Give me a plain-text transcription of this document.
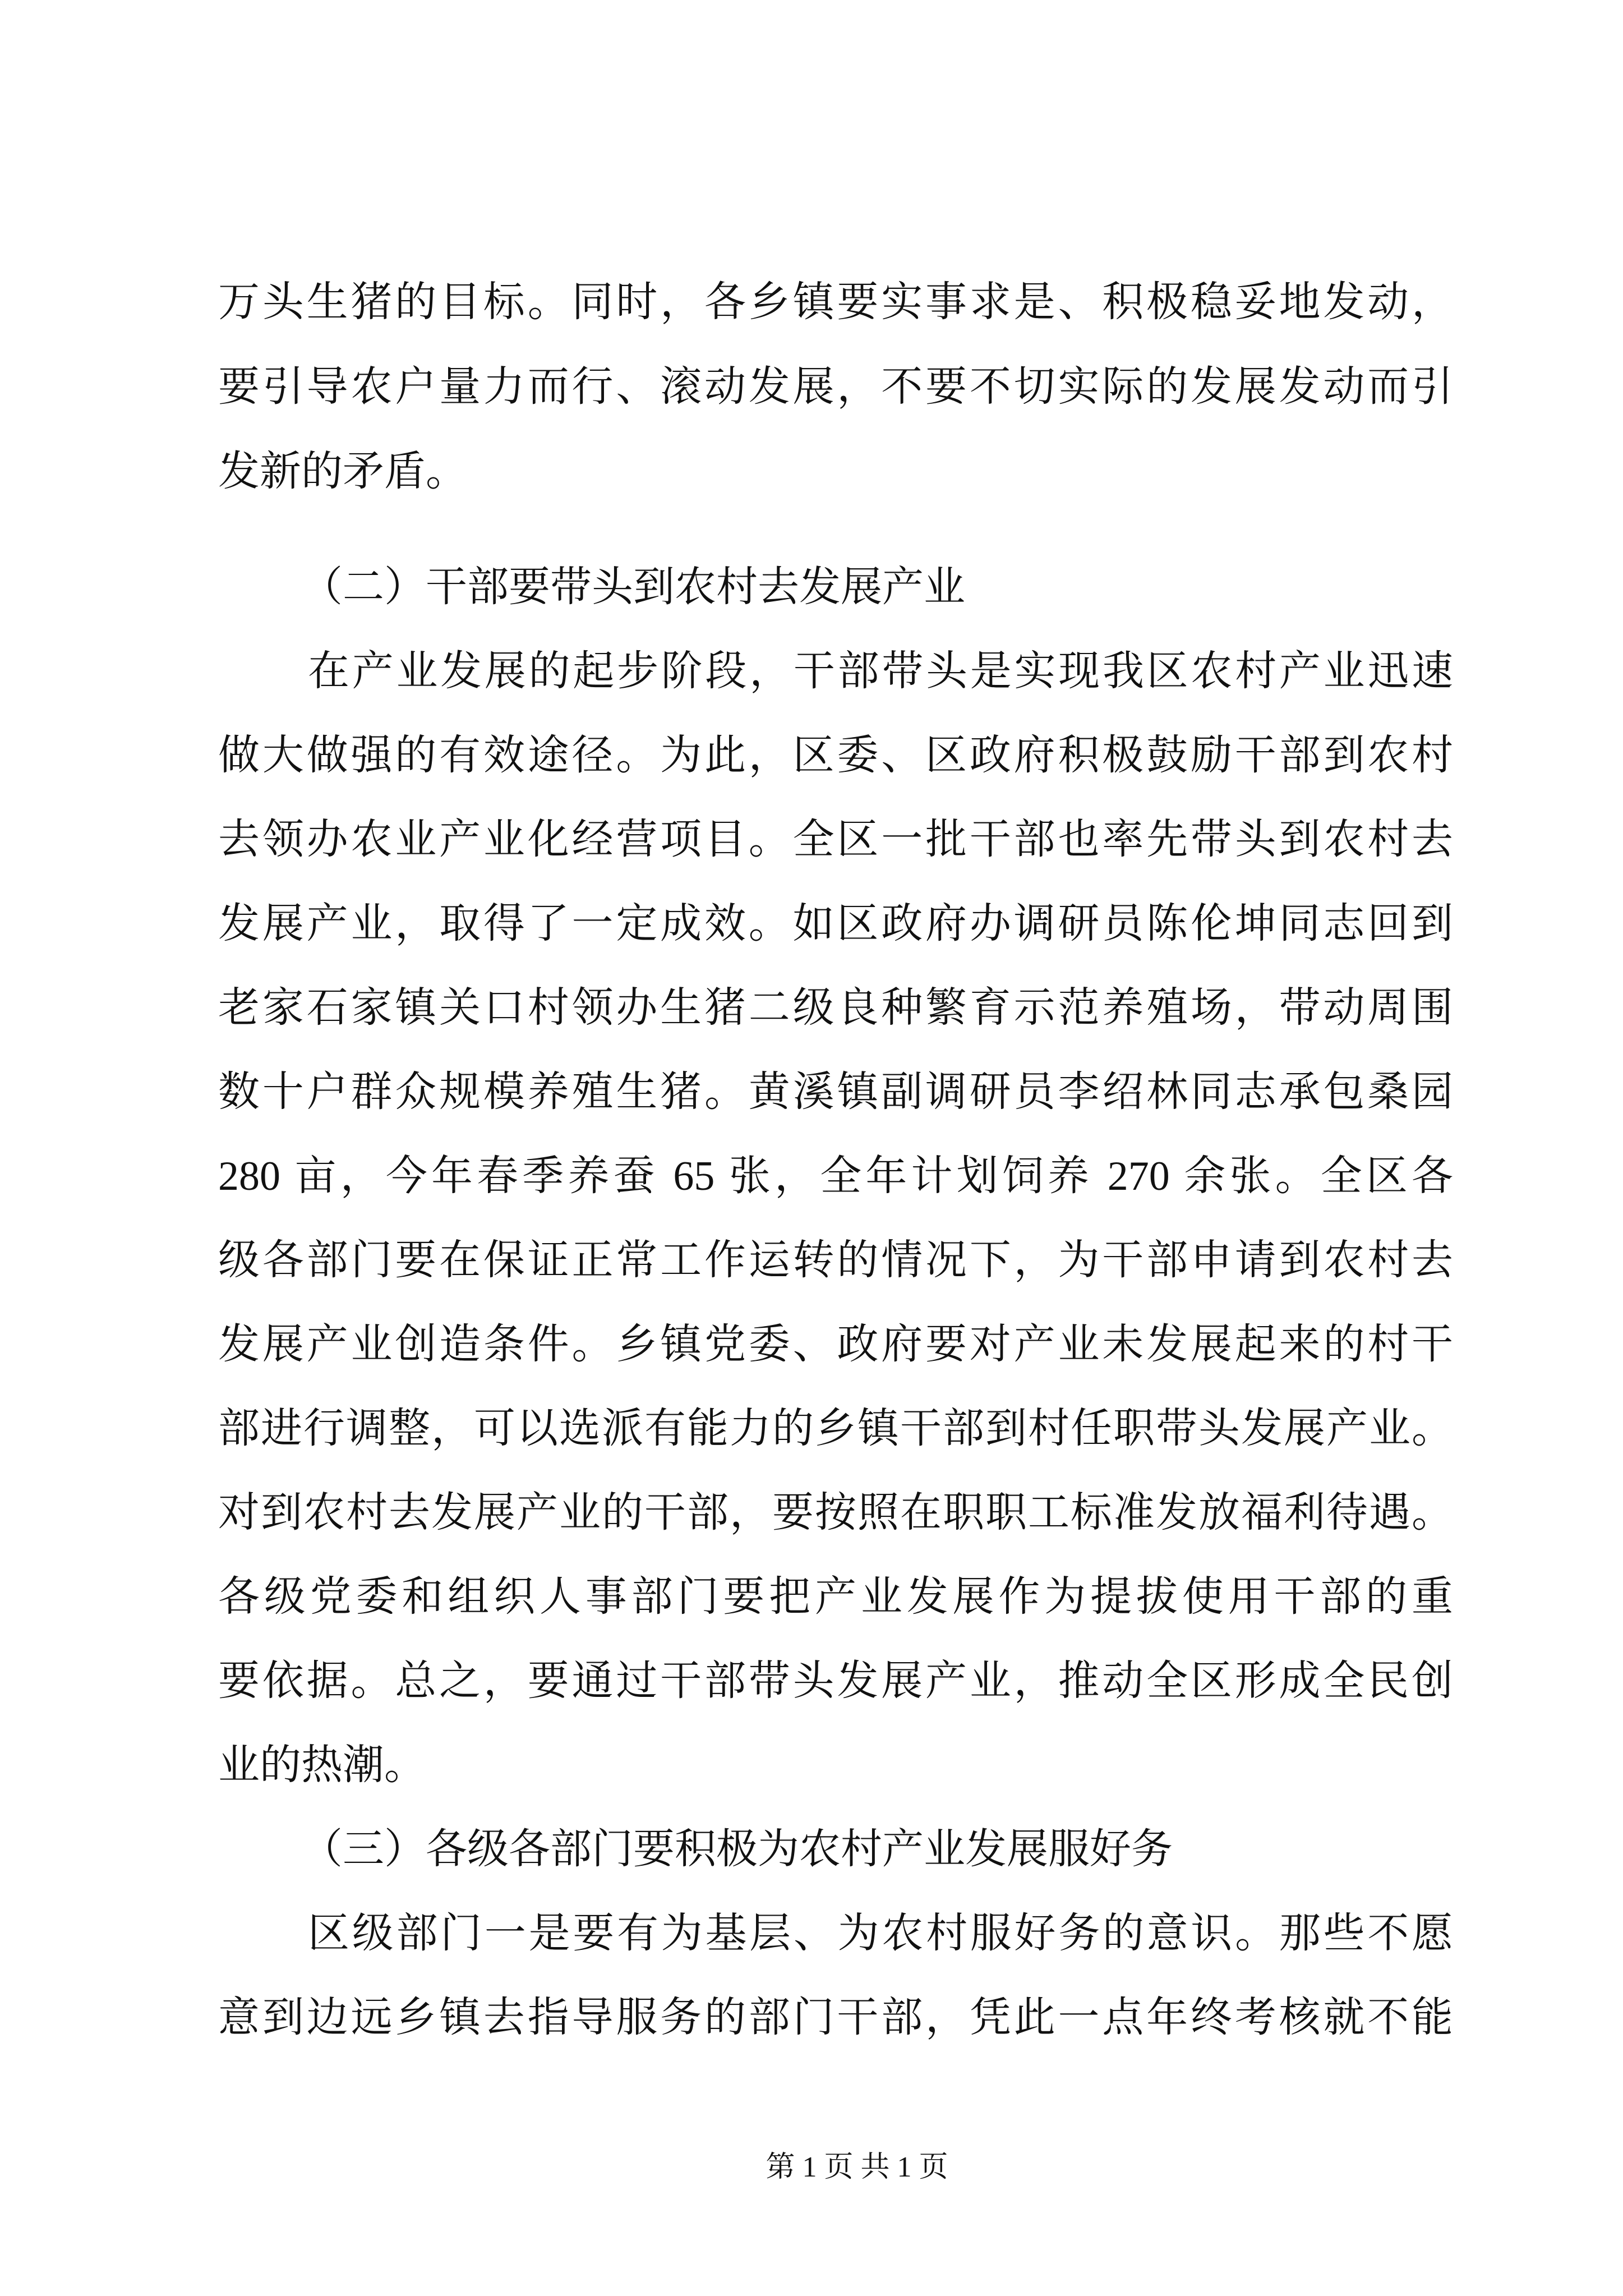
万头生猪的目标。同时，各乡镇要实事求是、积极稳妥地发动，
要引导农户量力而行、滚动发展，不要不切实际的发展发动而引
发新的矛盾。
（二）干部要带头到农村去发展产业
在产业发展的起步阶段，干部带头是实现我区农村产业迅速
做大做强的有效途径。为此，区委、区政府积极鼓励干部到农村
去领办农业产业化经营项目。全区一批干部也率先带头到农村去
发展产业，取得了一定成效。如区政府办调研员陈伦坤同志回到
老家石家镇关口村领办生猪二级良种繁育示范养殖场，带动周围
数十户群众规模养殖生猪。黄溪镇副调研员李绍林同志承包桑园
280 亩，今年春季养蚕 65 张，全年计划饲养 270 余张。全区各
级各部门要在保证正常工作运转的情况下，为干部申请到农村去
发展产业创造条件。乡镇党委、政府要对产业未发展起来的村干
部进行调整，可以选派有能力的乡镇干部到村任职带头发展产业。
对到农村去发展产业的干部，要按照在职职工标准发放福利待遇。
各级党委和组织人事部门要把产业发展作为提拔使用干部的重
要依据。总之，要通过干部带头发展产业，推动全区形成全民创
业的热潮。
（三）各级各部门要积极为农村产业发展服好务
区级部门一是要有为基层、为农村服好务的意识。那些不愿
意到边远乡镇去指导服务的部门干部，凭此一点年终考核就不能
第 1 页 共 1 页
